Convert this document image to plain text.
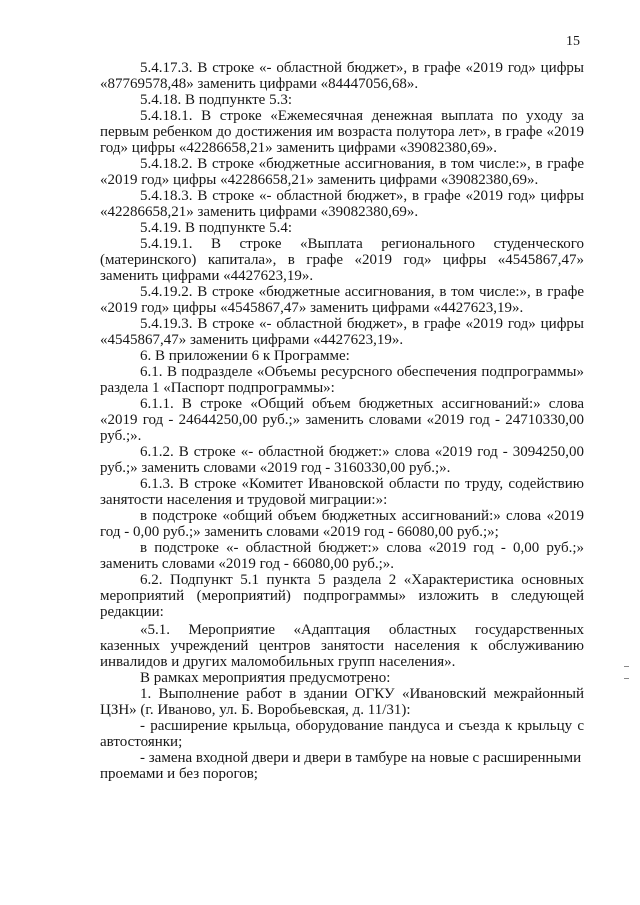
15

5.4.17.3. В строке «- областной бюджет», в графе «2019 год» цифры «87769578,48» заменить цифрами «84447056,68».

5.4.18. В подпункте 5.3:

5.4.18.1. В строке «Ежемесячная денежная выплата по уходу за первым ребенком до достижения им возраста полутора лет», в графе «2019 год» цифры «42286658,21» заменить цифрами «39082380,69».

5.4.18.2. В строке «бюджетные ассигнования, в том числе:», в графе «2019 год» цифры «42286658,21» заменить цифрами «39082380,69».

5.4.18.3. В строке «- областной бюджет», в графе «2019 год» цифры «42286658,21» заменить цифрами «39082380,69».

5.4.19. В подпункте 5.4:

5.4.19.1. В строке «Выплата регионального студенческого (материнского) капитала», в графе «2019 год» цифры «4545867,47» заменить цифрами «4427623,19».

5.4.19.2. В строке «бюджетные ассигнования, в том числе:», в графе «2019 год» цифры «4545867,47» заменить цифрами «4427623,19».

5.4.19.3. В строке «- областной бюджет», в графе «2019 год» цифры «4545867,47» заменить цифрами «4427623,19».

6. В приложении 6 к Программе:

6.1. В подразделе «Объемы ресурсного обеспечения подпрограммы» раздела 1 «Паспорт подпрограммы»:

6.1.1. В строке «Общий объем бюджетных ассигнований:» слова «2019 год - 24644250,00 руб.;» заменить словами «2019 год - 24710330,00 руб.;».

6.1.2. В строке «- областной бюджет:» слова «2019 год - 3094250,00 руб.;» заменить словами «2019 год - 3160330,00 руб.;».

6.1.3. В строке «Комитет Ивановской области по труду, содействию занятости населения и трудовой миграции:»:

в подстроке «общий объем бюджетных ассигнований:» слова «2019 год - 0,00 руб.;» заменить словами «2019 год - 66080,00 руб.;»;

в подстроке «- областной бюджет:» слова «2019 год - 0,00 руб.;» заменить словами «2019 год - 66080,00 руб.;».

6.2. Подпункт 5.1 пункта 5 раздела 2 «Характеристика основных мероприятий (мероприятий) подпрограммы» изложить в следующей редакции:

«5.1. Мероприятие «Адаптация областных государственных казенных учреждений центров занятости населения к обслуживанию инвалидов и других маломобильных групп населения».

В рамках мероприятия предусмотрено:

1. Выполнение работ в здании ОГКУ «Ивановский межрайонный ЦЗН» (г. Иваново, ул. Б. Воробьевская, д. 11/31):

- расширение крыльца, оборудование пандуса и съезда к крыльцу с автостоянки;

- замена входной двери и двери в тамбуре на новые с расширенными проемами и без порогов;
